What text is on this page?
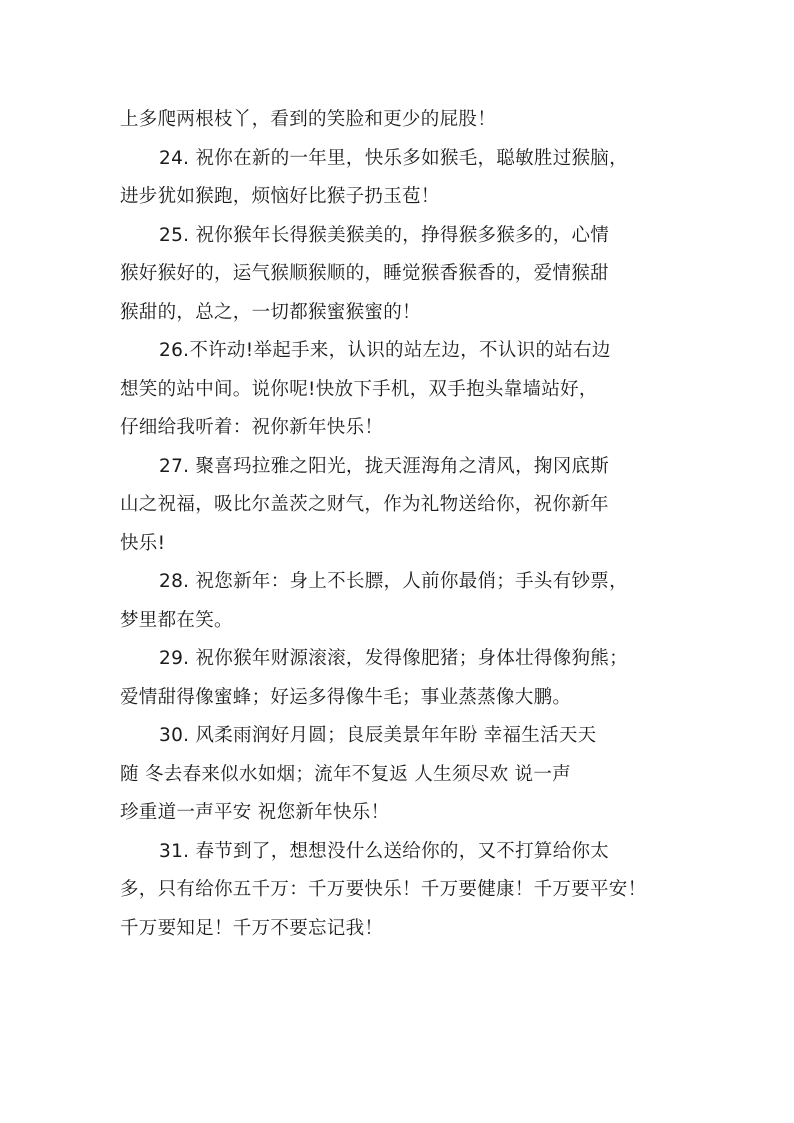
上多爬两根枝丫，看到的笑脸和更少的屁股！

24. 祝你在新的一年里，快乐多如猴毛，聪敏胜过猴脑，
进步犹如猴跑，烦恼好比猴子扔玉苞！

25. 祝你猴年长得猴美猴美的，挣得猴多猴多的，心情
猴好猴好的，运气猴顺猴顺的，睡觉猴香猴香的，爱情猴甜
猴甜的，总之，一切都猴蜜猴蜜的！

26.不许动!举起手来，认识的站左边，不认识的站右边
想笑的站中间。说你呢!快放下手机，双手抱头靠墙站好，
仔细给我听着：祝你新年快乐！

27. 聚喜玛拉雅之阳光，拢天涯海角之清风，掬冈底斯
山之祝福，吸比尔盖茨之财气，作为礼物送给你，祝你新年
快乐!

28. 祝您新年：身上不长膘，人前你最俏；手头有钞票，
梦里都在笑。

29. 祝你猴年财源滚滚，发得像肥猪；身体壮得像狗熊；
爱情甜得像蜜蜂；好运多得像牛毛；事业蒸蒸像大鹏。

30. 风柔雨润好月圆；良辰美景年年盼 幸福生活天天
随 冬去春来似水如烟；流年不复返 人生须尽欢 说一声
珍重道一声平安 祝您新年快乐！

31. 春节到了，想想没什么送给你的，又不打算给你太
多，只有给你五千万：千万要快乐！千万要健康！千万要平安！
千万要知足！千万不要忘记我！
